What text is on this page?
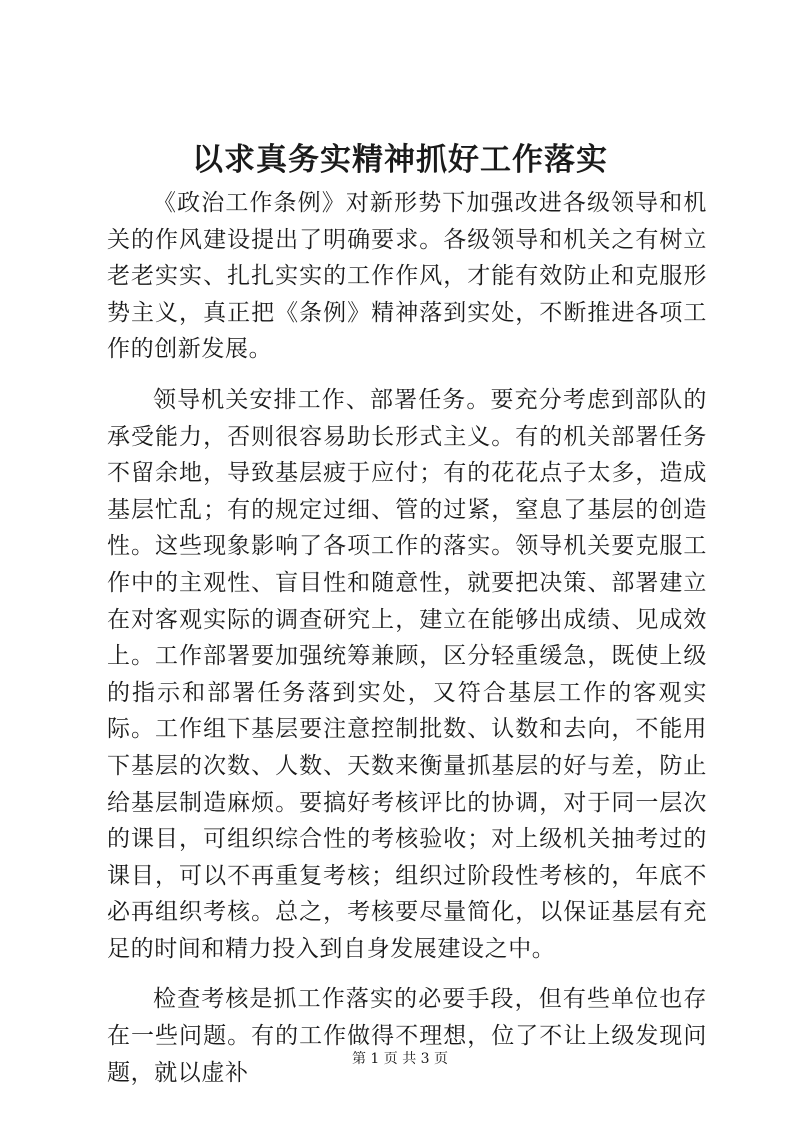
以求真务实精神抓好工作落实

《政治工作条例》对新形势下加强改进各级领导和机关的作风建设提出了明确要求。各级领导和机关之有树立老老实实、扎扎实实的工作作风，才能有效防止和克服形势主义，真正把《条例》精神落到实处，不断推进各项工作的创新发展。

领导机关安排工作、部署任务。要充分考虑到部队的承受能力，否则很容易助长形式主义。有的机关部署任务不留余地，导致基层疲于应付；有的花花点子太多，造成基层忙乱；有的规定过细、管的过紧，窒息了基层的创造性。这些现象影响了各项工作的落实。领导机关要克服工作中的主观性、盲目性和随意性，就要把决策、部署建立在对客观实际的调查研究上，建立在能够出成绩、见成效上。工作部署要加强统筹兼顾，区分轻重缓急，既使上级的指示和部署任务落到实处，又符合基层工作的客观实际。工作组下基层要注意控制批数、认数和去向，不能用下基层的次数、人数、天数来衡量抓基层的好与差，防止给基层制造麻烦。要搞好考核评比的协调，对于同一层次的课目，可组织综合性的考核验收；对上级机关抽考过的课目，可以不再重复考核；组织过阶段性考核的，年底不必再组织考核。总之，考核要尽量简化，以保证基层有充足的时间和精力投入到自身发展建设之中。

检查考核是抓工作落实的必要手段，但有些单位也存在一些问题。有的工作做得不理想，位了不让上级发现问题，就以虚补

第 1 页 共 3 页
